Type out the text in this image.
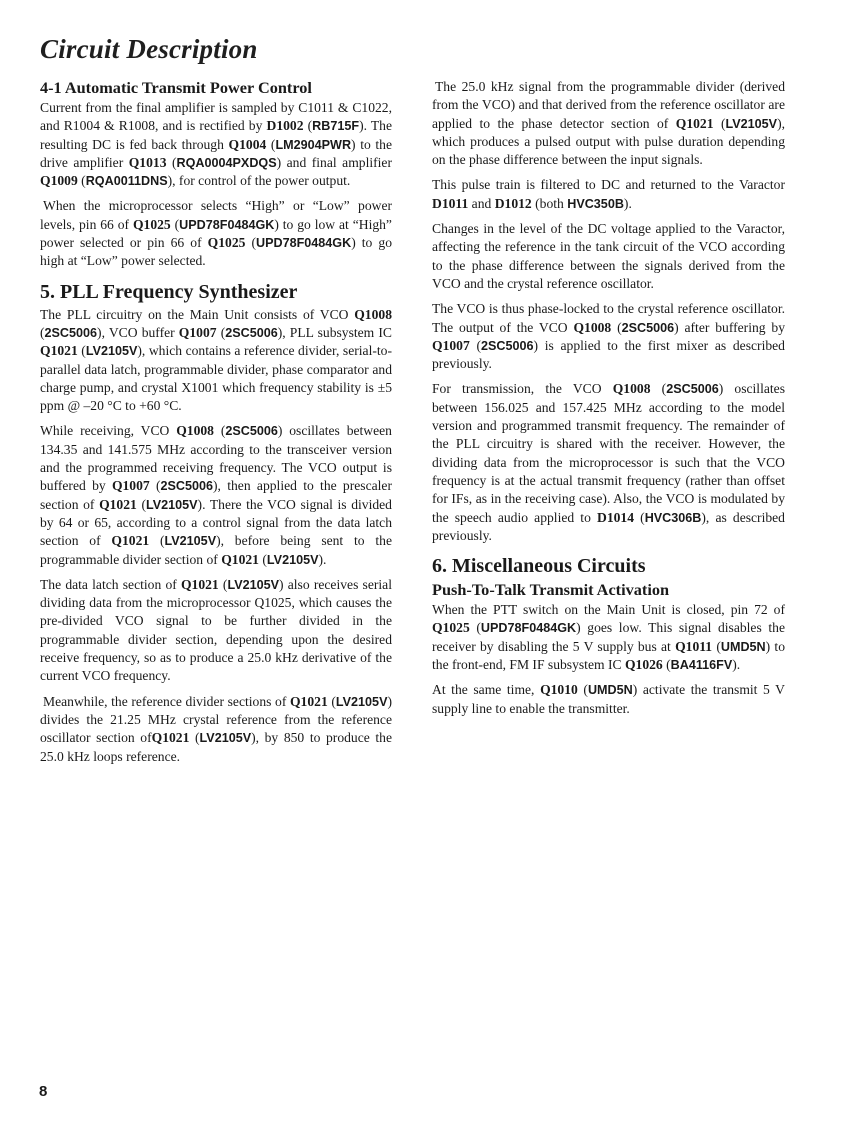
Circuit Description
4-1 Automatic Transmit Power Control

Current from the final amplifier is sampled by C1011 & C1022, and R1004 & R1008, and is rectified by D1002 (RB715F). The resulting DC is fed back through Q1004 (LM2904PWR) to the drive amplifier Q1013 (RQA0004PXDQS) and final amplifier Q1009 (RQA0011DNS), for control of the power output.

When the microprocessor selects “High” or “Low” power levels, pin 66 of Q1025 (UPD78F0484GK) to go low at “High” power selected or pin 66 of Q1025 (UPD78F0484GK) to go high at “Low” power selected.

5. PLL Frequency Synthesizer

The PLL circuitry on the Main Unit consists of VCO Q1008 (2SC5006), VCO buffer Q1007 (2SC5006), PLL subsystem IC Q1021 (LV2105V), which contains a reference divider, serial-to-parallel data latch, programmable divider, phase comparator and charge pump, and crystal X1001 which frequency stability is ±5 ppm @ –20 °C to +60 °C.

While receiving, VCO Q1008 (2SC5006) oscillates between 134.35 and 141.575 MHz according to the transceiver version and the programmed receiving frequency. The VCO output is buffered by Q1007 (2SC5006), then applied to the prescaler section of Q1021 (LV2105V). There the VCO signal is divided by 64 or 65, according to a control signal from the data latch section of Q1021 (LV2105V), before being sent to the programmable divider section of Q1021 (LV2105V).

The data latch section of Q1021 (LV2105V) also receives serial dividing data from the microprocessor Q1025, which causes the pre-divided VCO signal to be further divided in the programmable divider section, depending upon the desired receive frequency, so as to produce a 25.0 kHz derivative of the current VCO frequency.

Meanwhile, the reference divider sections of Q1021 (LV2105V) divides the 21.25 MHz crystal reference from the reference oscillator section ofQ1021 (LV2105V), by 850 to produce the 25.0 kHz loops reference.

The 25.0 kHz signal from the programmable divider (derived from the VCO) and that derived from the reference oscillator are applied to the phase detector section of Q1021 (LV2105V), which produces a pulsed output with pulse duration depending on the phase difference between the input signals.

This pulse train is filtered to DC and returned to the Varactor D1011 and D1012 (both HVC350B).

Changes in the level of the DC voltage applied to the Varactor, affecting the reference in the tank circuit of the VCO according to the phase difference between the signals derived from the VCO and the crystal reference oscillator.

The VCO is thus phase-locked to the crystal reference oscillator. The output of the VCO Q1008 (2SC5006) after buffering by Q1007 (2SC5006) is applied to the first mixer as described previously.

For transmission, the VCO Q1008 (2SC5006) oscillates between 156.025 and 157.425 MHz according to the model version and programmed transmit frequency. The remainder of the PLL circuitry is shared with the receiver. However, the dividing data from the microprocessor is such that the VCO frequency is at the actual transmit frequency (rather than offset for IFs, as in the receiving case). Also, the VCO is modulated by the speech audio applied to D1014 (HVC306B), as described previously.

6. Miscellaneous Circuits
Push-To-Talk Transmit Activation

When the PTT switch on the Main Unit is closed, pin 72 of Q1025 (UPD78F0484GK) goes low. This signal disables the receiver by disabling the 5 V supply bus at Q1011 (UMD5N) to the front-end, FM IF subsystem IC Q1026 (BA4116FV).

At the same time, Q1010 (UMD5N) activate the transmit 5 V supply line to enable the transmitter.

8
